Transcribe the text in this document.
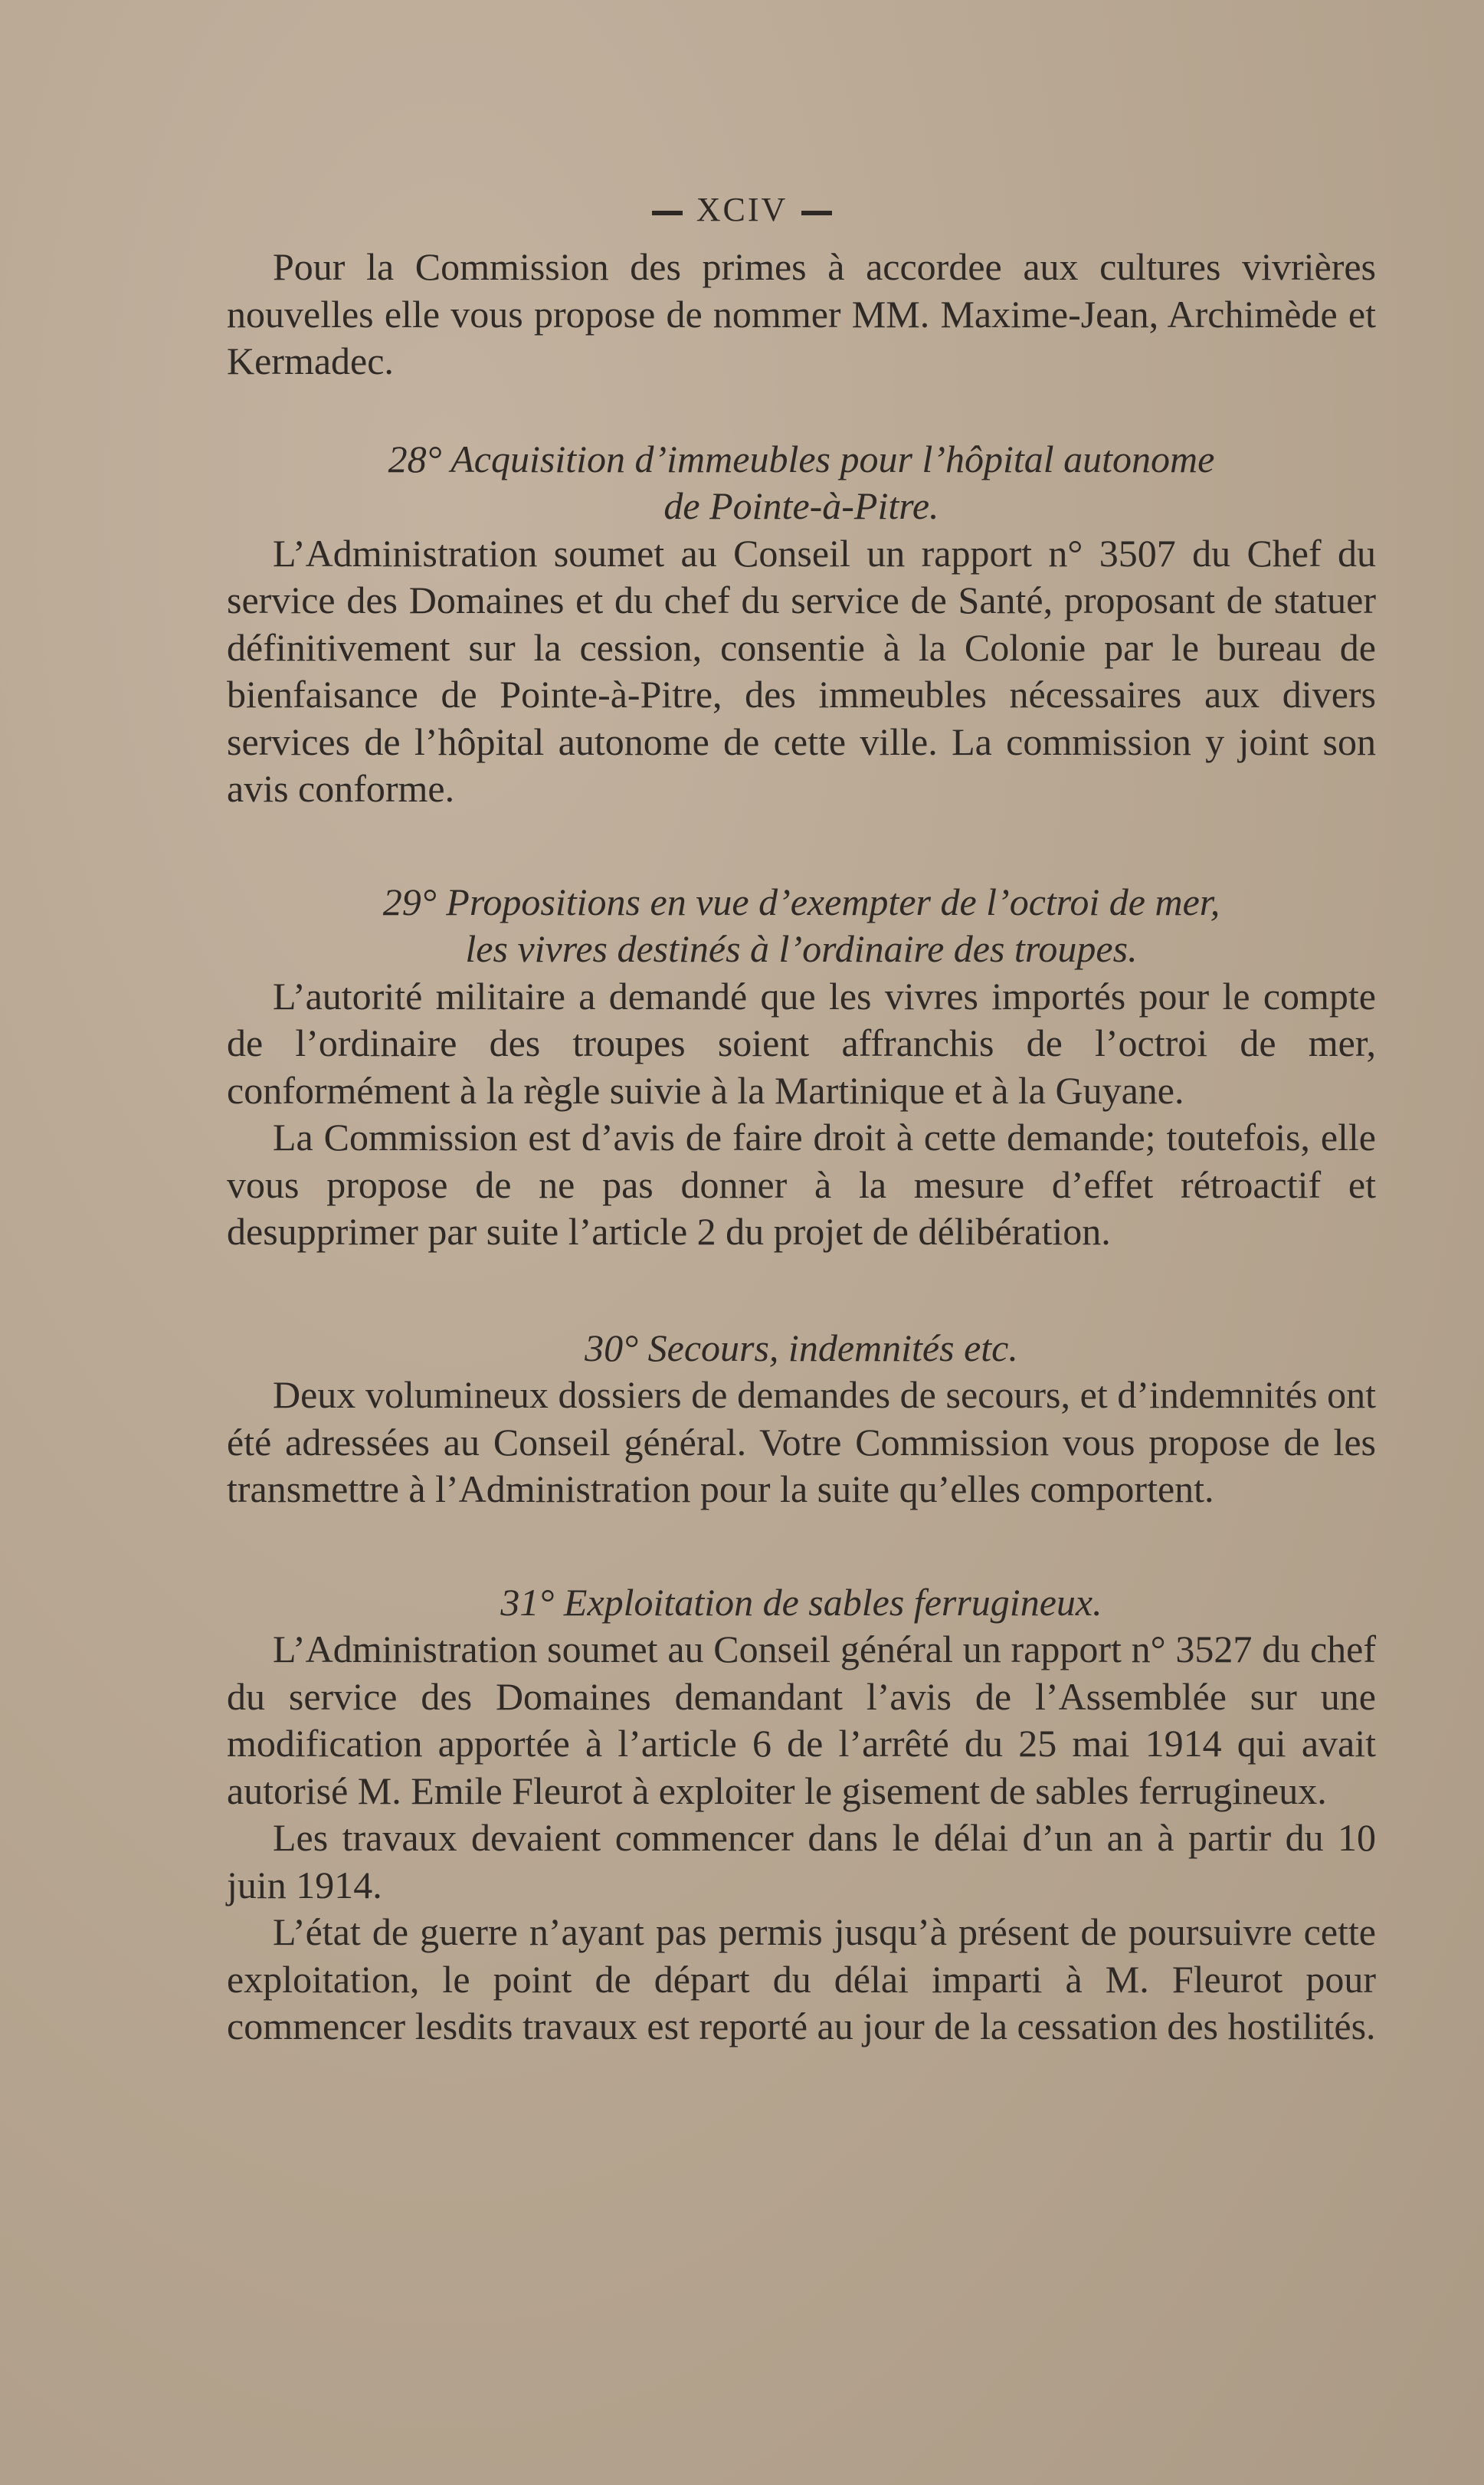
XCIV

Pour la Commission des primes à accordee aux cultures vivrières nouvelles elle vous propose de nommer MM. Maxime-Jean, Archimède et Kermadec.

28° Acquisition d’immeubles pour l’hôpital autonome

de Pointe-à-Pitre.

L’Administration soumet au Conseil un rapport n° 3507 du Chef du service des Domaines et du chef du service de Santé, proposant de statuer définitivement sur la cession, consentie à la Colonie par le bureau de bienfaisance de Pointe-à-Pitre, des immeubles nécessaires aux divers services de l’hôpital autonome de cette ville. La commission y joint son avis conforme.

29° Propositions en vue d’exempter de l’octroi de mer,

les vivres destinés à l’ordinaire des troupes.

L’autorité militaire a demandé que les vivres importés pour le compte de l’ordinaire des troupes soient affranchis de l’octroi de mer, conformément à la règle suivie à la Martinique et à la Guyane.

La Commission est d’avis de faire droit à cette demande; toutefois, elle vous propose de ne pas donner à la mesure d’effet rétroactif et desupprimer par suite l’article 2 du projet de délibération.

30° Secours, indemnités etc.

Deux volumineux dossiers de demandes de secours, et d’indemnités ont été adressées au Conseil général. Votre Commission vous propose de les transmettre à l’Administration pour la suite qu’elles comportent.

31° Exploitation de sables ferrugineux.

L’Administration soumet au Conseil général un rapport n° 3527 du chef du service des Domaines demandant l’avis de l’Assemblée sur une modification apportée à l’article 6 de l’arrêté du 25 mai 1914 qui avait autorisé M. Emile Fleurot à exploiter le gisement de sables ferrugineux.

Les travaux devaient commencer dans le délai d’un an à partir du 10 juin 1914.

L’état de guerre n’ayant pas permis jusqu’à présent de poursuivre cette exploitation, le point de départ du délai imparti à M. Fleurot pour commencer lesdits travaux est reporté au jour de la cessation des hostilités.
